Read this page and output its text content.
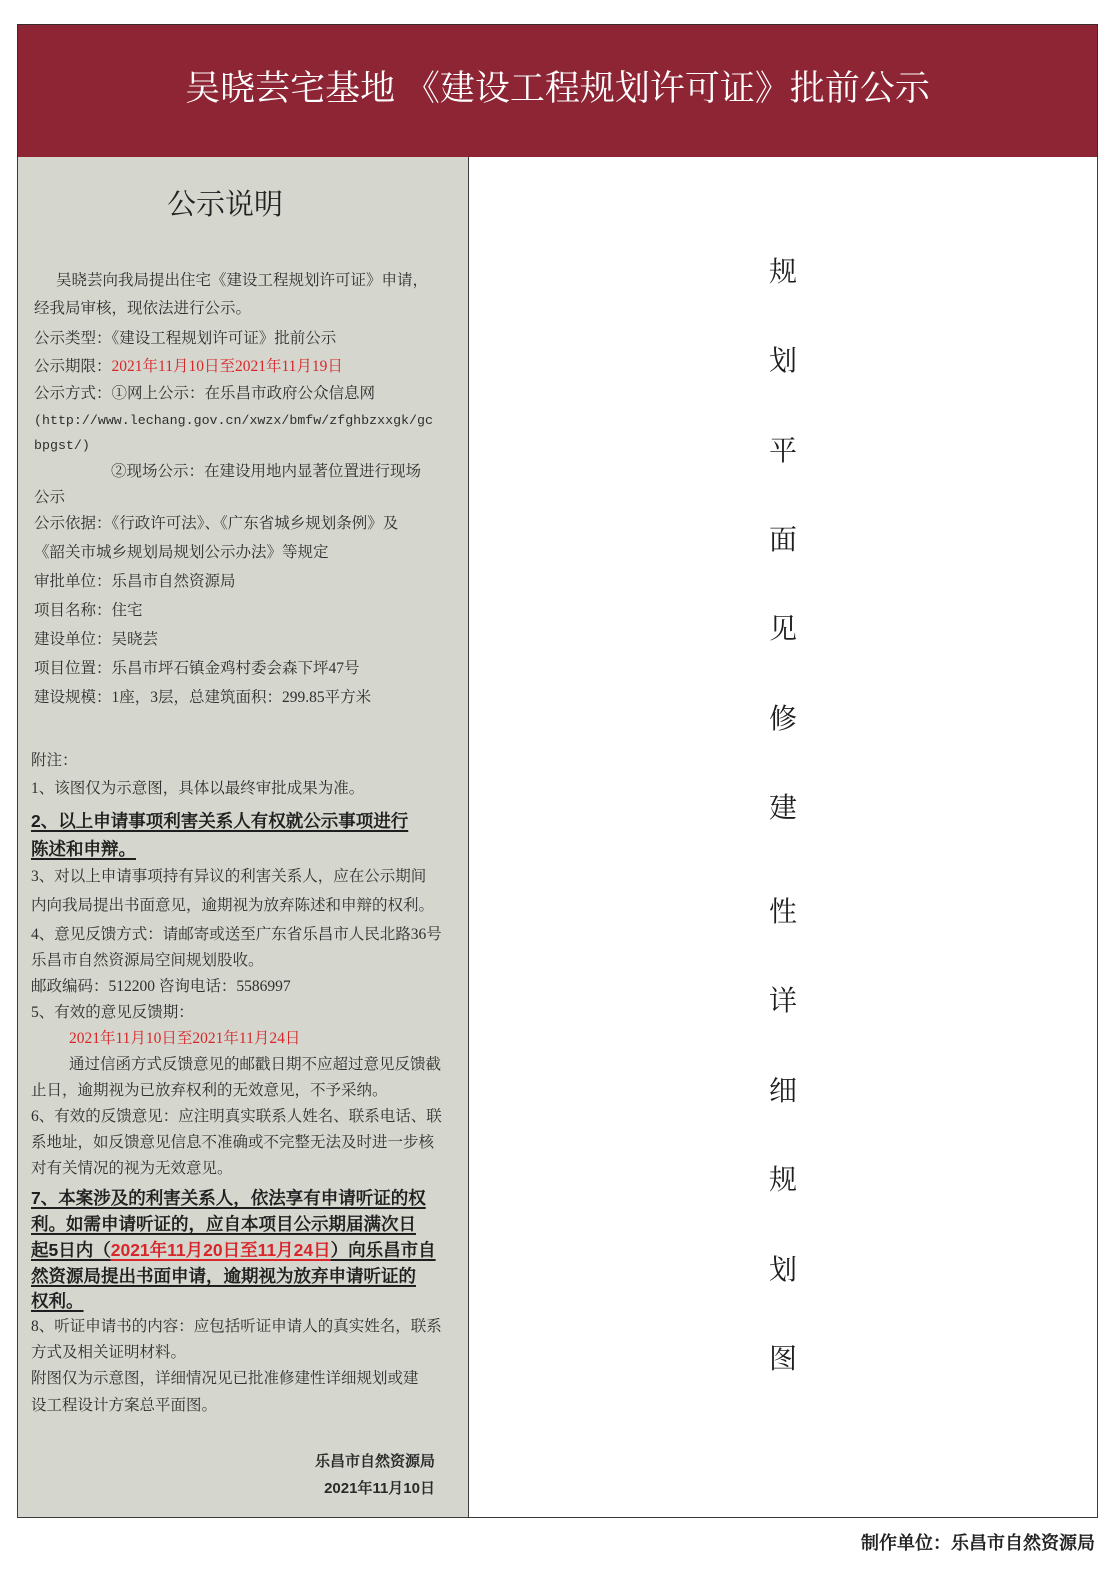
吴晓芸宅基地 《建设工程规划许可证》批前公示
公示说明
吴晓芸向我局提出住宅《建设工程规划许可证》申请，
经我局审核，现依法进行公示。
公示类型：《建设工程规划许可证》批前公示
公示期限：2021年11月10日至2021年11月19日
公示方式：①网上公示：在乐昌市政府公众信息网
(http://www.lechang.gov.cn/xwzx/bmfw/zfghbzxxgk/gc
bpgst/)
②现场公示：在建设用地内显著位置进行现场
公示
公示依据：《行政许可法》、《广东省城乡规划条例》及
《韶关市城乡规划局规划公示办法》等规定
审批单位：乐昌市自然资源局
项目名称：住宅
建设单位：吴晓芸
项目位置：乐昌市坪石镇金鸡村委会森下坪47号
建设规模：1座，3层，总建筑面积：299.85平方米
附注：
1、该图仅为示意图，具体以最终审批成果为准。
2、以上申请事项利害关系人有权就公示事项进行
陈述和申辩。
3、对以上申请事项持有异议的利害关系人，应在公示期间
内向我局提出书面意见，逾期视为放弃陈述和申辩的权利。
4、意见反馈方式：请邮寄或送至广东省乐昌市人民北路36号
乐昌市自然资源局空间规划股收。
邮政编码：512200 咨询电话：5586997
5、有效的意见反馈期：
2021年11月10日至2021年11月24日
通过信函方式反馈意见的邮戳日期不应超过意见反馈截
止日，逾期视为已放弃权利的无效意见，不予采纳。
6、有效的反馈意见：应注明真实联系人姓名、联系电话、联
系地址，如反馈意见信息不准确或不完整无法及时进一步核
对有关情况的视为无效意见。
7、本案涉及的利害关系人，依法享有申请听证的权
利。如需申请听证的，应自本项目公示期届满次日
起5日内（2021年11月20日至11月24日）向乐昌市自
然资源局提出书面申请，逾期视为放弃申请听证的
权利。
8、听证申请书的内容：应包括听证申请人的真实姓名，联系
方式及相关证明材料。
附图仅为示意图，详细情况见已批准修建性详细规划或建
设工程设计方案总平面图。
乐昌市自然资源局
2021年11月10日
规
划
平
面
见
修
建
性
详
细
规
划
图
制作单位：乐昌市自然资源局
